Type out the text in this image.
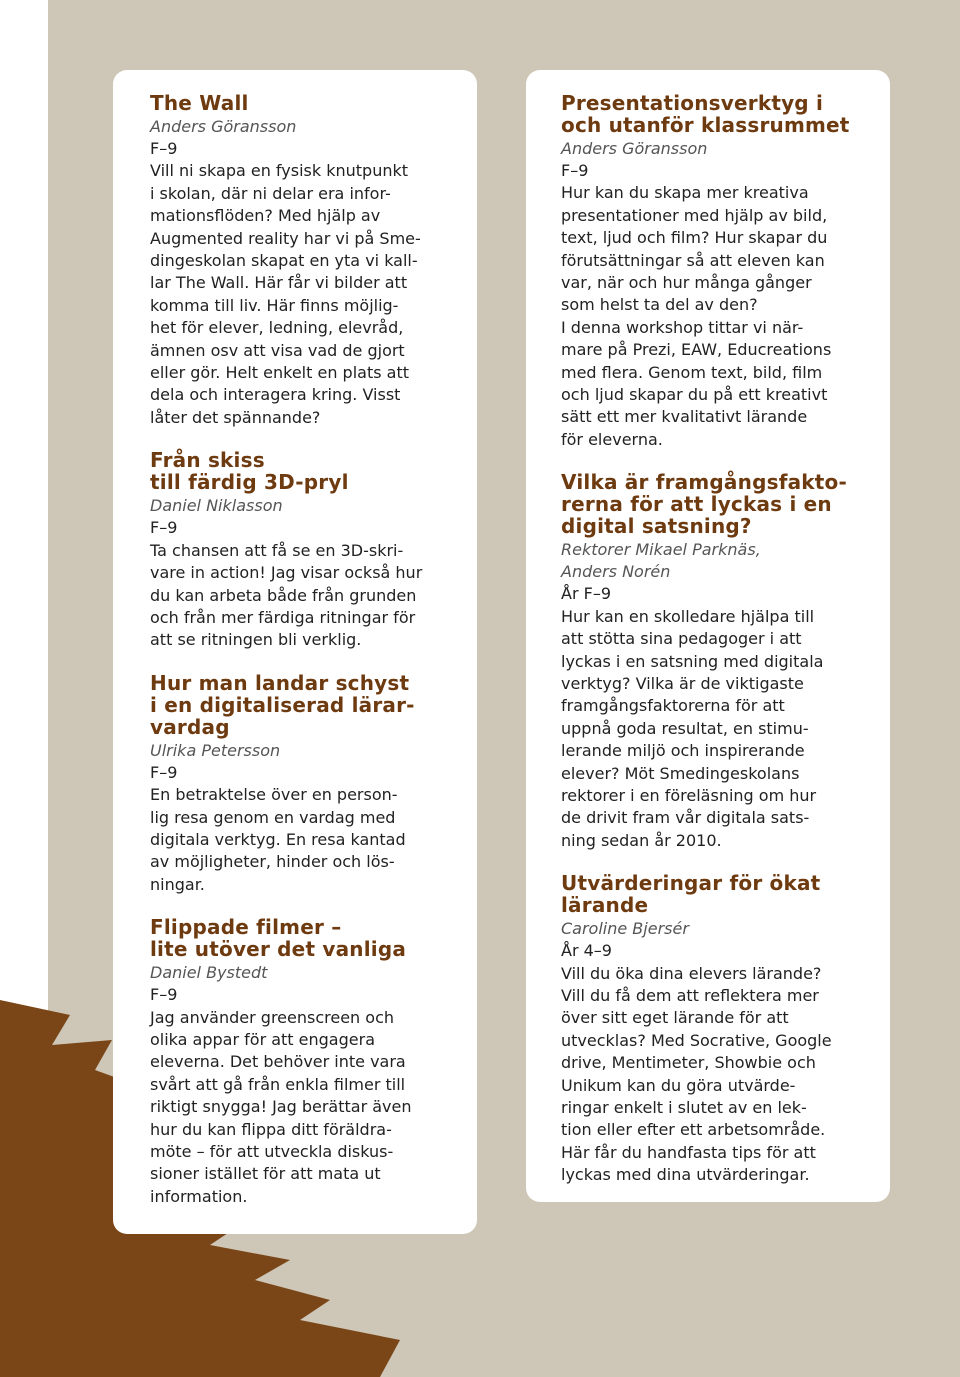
The Wall
Anders Göransson
F–9
Vill ni skapa en fysisk knutpunkt
i skolan, där ni delar era infor-
mationsflöden? Med hjälp av
Augmented reality har vi på Sme-
dingeskolan skapat en yta vi kall-
lar The Wall. Här får vi bilder att
komma till liv. Här finns möjlig-
het för elever, ledning, elevråd,
ämnen osv att visa vad de gjort
eller gör. Helt enkelt en plats att
dela och interagera kring. Visst
låter det spännande?
Från skiss
till färdig 3D-pryl
Daniel Niklasson
F–9
Ta chansen att få se en 3D-skri-
vare in action! Jag visar också hur
du kan arbeta både från grunden
och från mer färdiga ritningar för
att se ritningen bli verklig.
Hur man landar schyst
i en digitaliserad lärar-
vardag
Ulrika Petersson
F–9
En betraktelse över en person-
lig resa genom en vardag med
digitala verktyg. En resa kantad
av möjligheter, hinder och lös-
ningar.
Flippade filmer –
lite utöver det vanliga
Daniel Bystedt
F–9
Jag använder greenscreen och
olika appar för att engagera
eleverna. Det behöver inte vara
svårt att gå från enkla filmer till
riktigt snygga! Jag berättar även
hur du kan flippa ditt föräldra-
möte – för att utveckla diskus-
sioner istället för att mata ut
information.
Presentationsverktyg i
och utanför klassrummet
Anders Göransson
F–9
Hur kan du skapa mer kreativa
presentationer med hjälp av bild,
text, ljud och film? Hur skapar du
förutsättningar så att eleven kan
var, när och hur många gånger
som helst ta del av den?
I denna workshop tittar vi när-
mare på Prezi, EAW, Educreations
med flera. Genom text, bild, film
och ljud skapar du på ett kreativt
sätt ett mer kvalitativt lärande
för eleverna.
Vilka är framgångsfakto-
rerna för att lyckas i en
digital satsning?
Rektorer Mikael Parknäs,
Anders Norén
År F–9
Hur kan en skolledare hjälpa till
att stötta sina pedagoger i att
lyckas i en satsning med digitala
verktyg? Vilka är de viktigaste
framgångsfaktorerna för att
uppnå goda resultat, en stimu-
lerande miljö och inspirerande
elever? Möt Smedingeskolans
rektorer i en föreläsning om hur
de drivit fram vår digitala sats-
ning sedan år 2010.
Utvärderingar för ökat
lärande
Caroline Bjersér
År 4–9
Vill du öka dina elevers lärande?
Vill du få dem att reflektera mer
över sitt eget lärande för att
utvecklas? Med Socrative, Google
drive, Mentimeter, Showbie och
Unikum kan du göra utvärde-
ringar enkelt i slutet av en lek-
tion eller efter ett arbetsområde.
Här får du handfasta tips för att
lyckas med dina utvärderingar.
